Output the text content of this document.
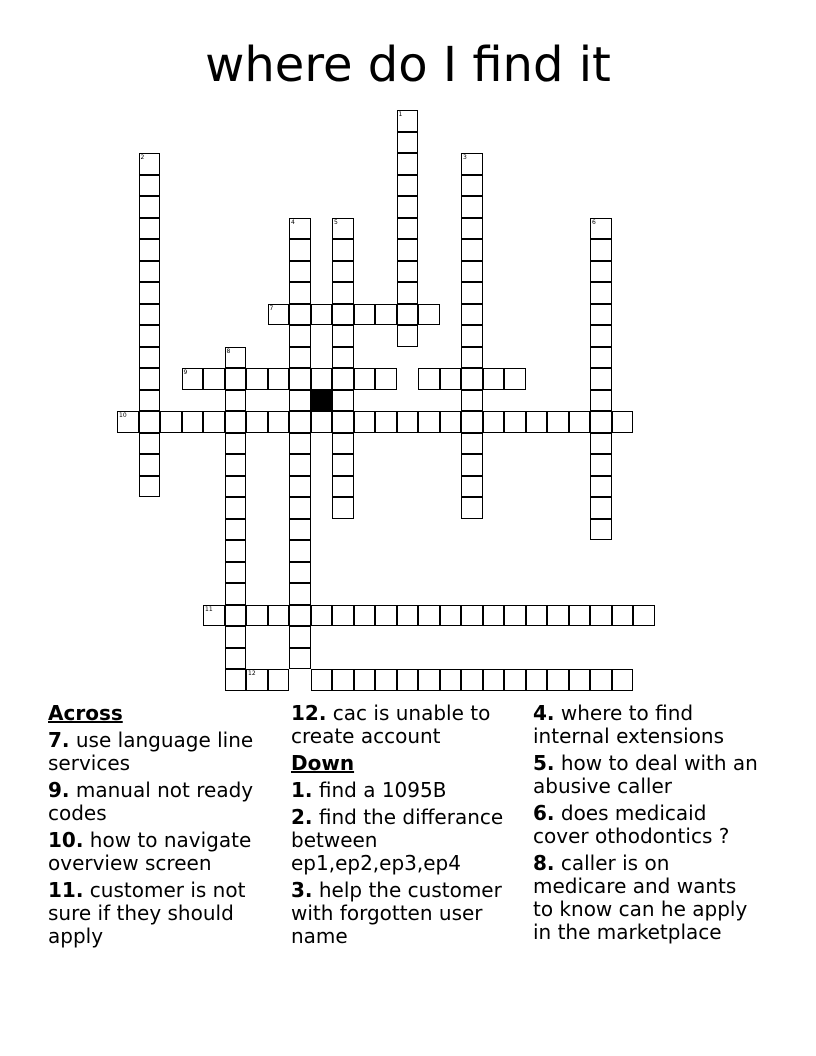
where do I find it
1
2	3
4	5	6
7
8
9
10
11
12
Across
7. use language line services
9. manual not ready codes
10. how to navigate overview screen
11. customer is not sure if they should apply
12. cac is unable to create account
Down
1. find a 1095B
2. find the differance between ep1,ep2,ep3,ep4
3. help the customer with forgotten user name
4. where to find internal extensions
5. how to deal with an abusive caller
6. does medicaid cover othodontics ?
8. caller is on medicare and wants to know can he apply in the marketplace
